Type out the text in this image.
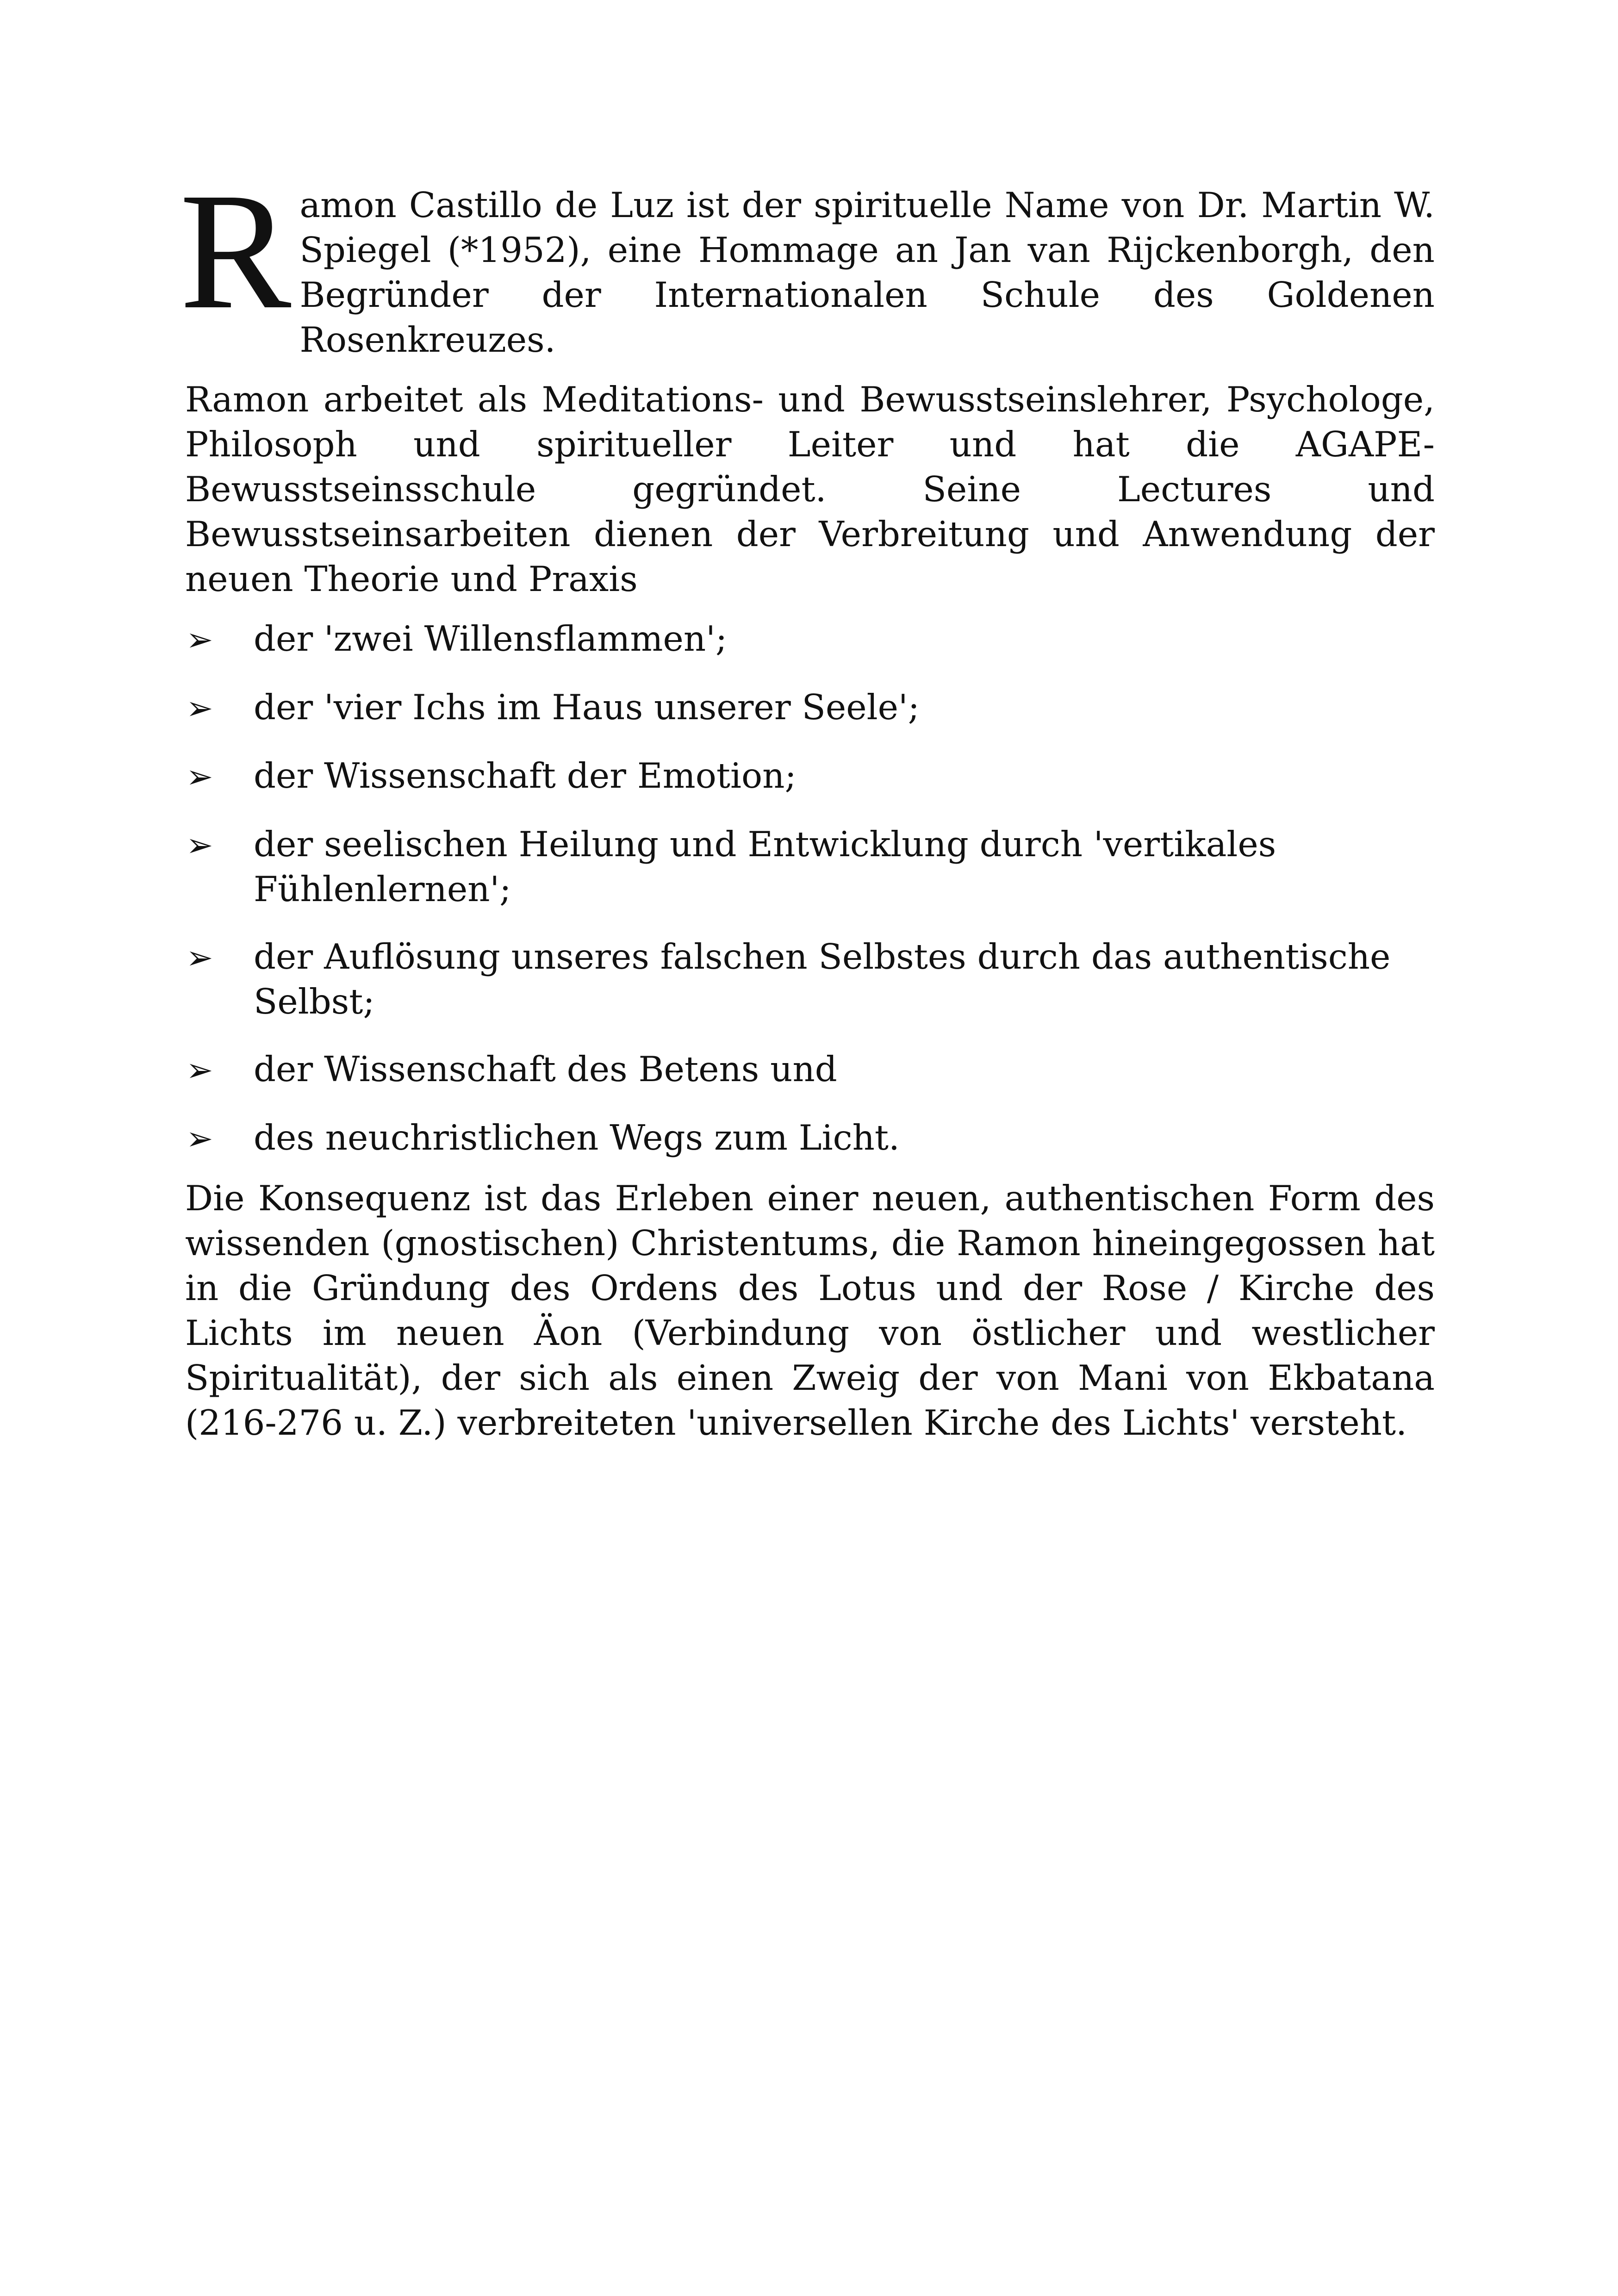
R amon Castillo de Luz ist der spirituelle Name von Dr. Martin W. Spiegel (*1952), eine Hommage an Jan van Rijckenborgh, den Begründer der Internationalen Schule des Goldenen Rosenkreuzes.

Ramon arbeitet als Meditations- und Bewusstseinslehrer, Psychologe, Philosoph und spiritueller Leiter und hat die AGAPE-Bewusstseinsschule gegründet. Seine Lectures und Bewusstseinsarbeiten dienen der Verbreitung und Anwendung der neuen Theorie und Praxis

➢	der 'zwei Willensflammen';
➢	der 'vier Ichs im Haus unserer Seele';
➢	der Wissenschaft der Emotion;
➢	der seelischen Heilung und Entwicklung durch 'vertikales Fühlenlernen';
➢	der Auflösung unseres falschen Selbstes durch das authentische Selbst;
➢	der Wissenschaft des Betens und
➢	des neuchristlichen Wegs zum Licht.

Die Konsequenz ist das Erleben einer neuen, authentischen Form des wissenden (gnostischen) Christentums, die Ramon hineingegossen hat in die Gründung des Ordens des Lotus und der Rose / Kirche des Lichts im neuen Äon (Verbindung von östlicher und westlicher Spiritualität), der sich als einen Zweig der von Mani von Ekbatana (216-276 u. Z.) verbreiteten 'universellen Kirche des Lichts' versteht.
